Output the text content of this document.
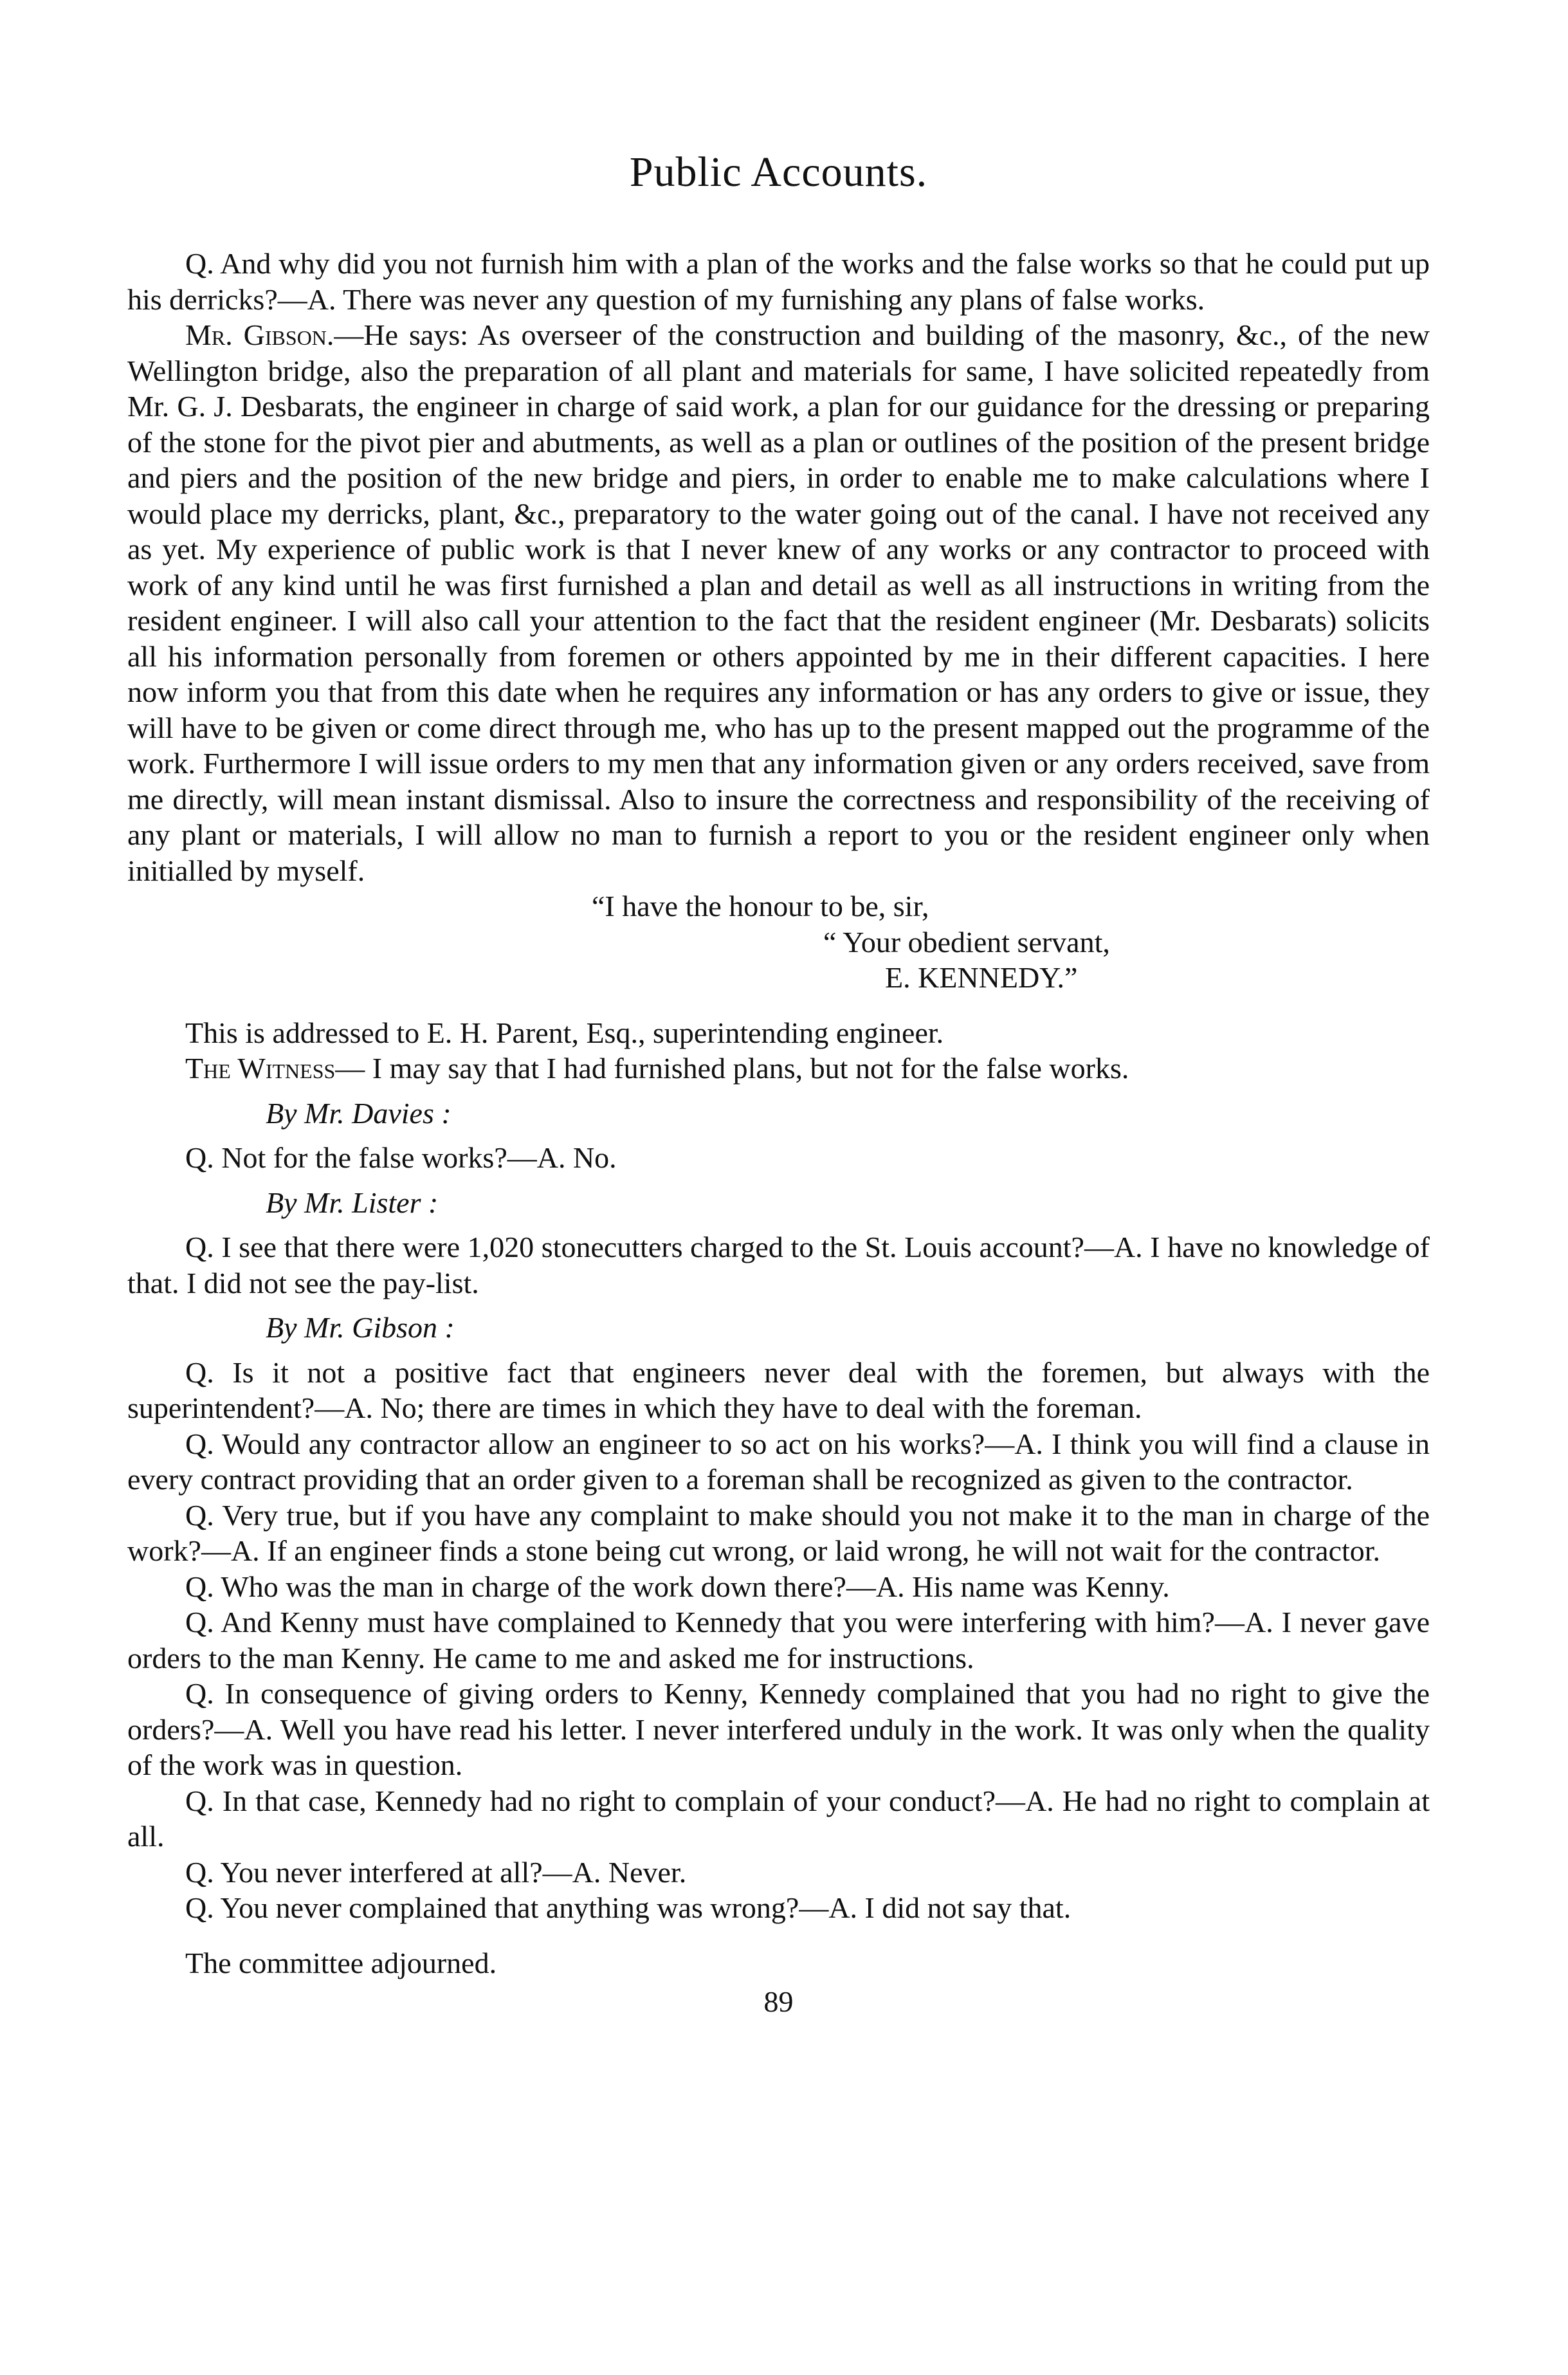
Public Accounts.

Q. And why did you not furnish him with a plan of the works and the false works so that he could put up his derricks?—A. There was never any question of my furnishing any plans of false works.

Mr. Gibson.—He says: As overseer of the construction and building of the masonry, &c., of the new Wellington bridge, also the preparation of all plant and materials for same, I have solicited repeatedly from Mr. G. J. Desbarats, the engineer in charge of said work, a plan for our guidance for the dressing or preparing of the stone for the pivot pier and abutments, as well as a plan or outlines of the position of the present bridge and piers and the position of the new bridge and piers, in order to enable me to make calculations where I would place my derricks, plant, &c., preparatory to the water going out of the canal. I have not received any as yet. My experience of public work is that I never knew of any works or any contractor to proceed with work of any kind until he was first furnished a plan and detail as well as all instructions in writing from the resident engineer. I will also call your attention to the fact that the resident engineer (Mr. Desbarats) solicits all his information personally from foremen or others appointed by me in their different capacities. I here now inform you that from this date when he requires any information or has any orders to give or issue, they will have to be given or come direct through me, who has up to the present mapped out the programme of the work. Furthermore I will issue orders to my men that any information given or any orders received, save from me directly, will mean instant dismissal. Also to insure the correctness and responsibility of the receiving of any plant or materials, I will allow no man to furnish a report to you or the resident engineer only when initialled by myself.

“I have the honour to be, sir,

“ Your obedient servant,

E. KENNEDY.”

This is addressed to E. H. Parent, Esq., superintending engineer.

The Witness— I may say that I had furnished plans, but not for the false works.

By Mr. Davies :

Q. Not for the false works?—A. No.

By Mr. Lister :

Q. I see that there were 1,020 stonecutters charged to the St. Louis account?—A. I have no knowledge of that. I did not see the pay-list.

By Mr. Gibson :

Q. Is it not a positive fact that engineers never deal with the foremen, but always with the superintendent?—A. No; there are times in which they have to deal with the foreman.

Q. Would any contractor allow an engineer to so act on his works?—A. I think you will find a clause in every contract providing that an order given to a foreman shall be recognized as given to the contractor.

Q. Very true, but if you have any complaint to make should you not make it to the man in charge of the work?—A. If an engineer finds a stone being cut wrong, or laid wrong, he will not wait for the contractor.

Q. Who was the man in charge of the work down there?—A. His name was Kenny.

Q. And Kenny must have complained to Kennedy that you were interfering with him?—A. I never gave orders to the man Kenny. He came to me and asked me for instructions.

Q. In consequence of giving orders to Kenny, Kennedy complained that you had no right to give the orders?—A. Well you have read his letter. I never interfered unduly in the work. It was only when the quality of the work was in question.

Q. In that case, Kennedy had no right to complain of your conduct?—A. He had no right to complain at all.

Q. You never interfered at all?—A. Never.

Q. You never complained that anything was wrong?—A. I did not say that.

The committee adjourned.

89
